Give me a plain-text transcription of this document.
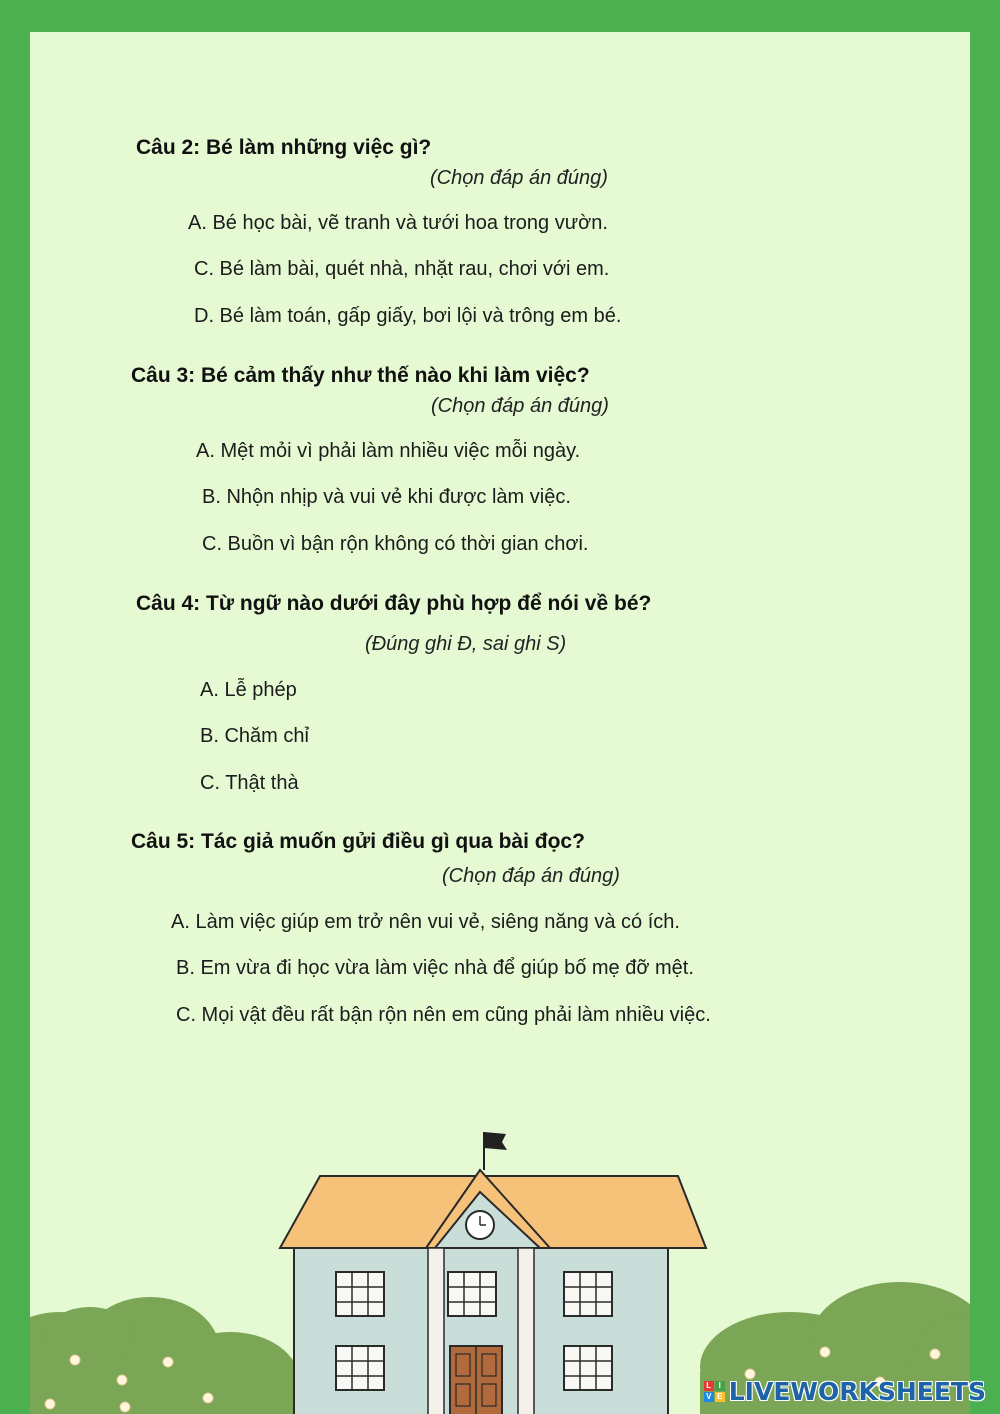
Câu 2: Bé làm những việc gì?
(Chọn đáp án đúng)
A. Bé học bài, vẽ tranh và tưới hoa trong vườn.
C. Bé làm bài, quét nhà, nhặt rau, chơi với em.
D. Bé làm toán, gấp giấy, bơi lội và trông em bé.
Câu 3: Bé cảm thấy như thế nào khi làm việc?
(Chọn đáp án đúng)
A. Mệt mỏi vì phải làm nhiều việc mỗi ngày.
B. Nhộn nhịp và vui vẻ khi được làm việc.
C. Buồn vì bận rộn không có thời gian chơi.
Câu 4: Từ ngữ nào dưới đây phù hợp để nói về bé?
(Đúng ghi Đ, sai ghi S)
A. Lễ phép
B. Chăm chỉ
C. Thật thà
Câu 5: Tác giả muốn gửi điều gì qua bài đọc?
(Chọn đáp án đúng)
A. Làm việc giúp em trở nên vui vẻ, siêng năng và có ích.
B. Em vừa đi học vừa làm việc nhà để giúp bố mẹ đỡ mệt.
C. Mọi vật đều rất bận rộn nên em cũng phải làm nhiều việc.
L I
V E LIVEWORKSHEETS
